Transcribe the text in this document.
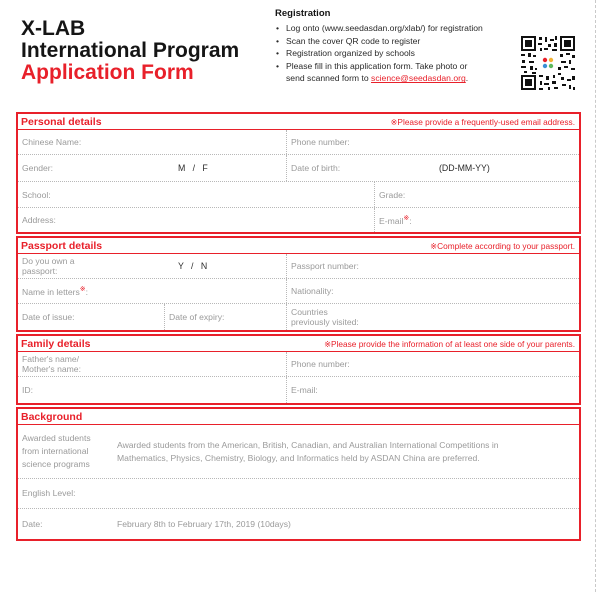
X-LAB
International Program
Application Form
Registration
• Log onto (www.seedasdan.org/xlab/) for registration
• Scan the cover QR code to register
• Registration organized by schools
• Please fill in this application form. Take photo or
send scanned form to science@seedasdan.org.
Personal details	※Please provide a frequently-used email address.
Chinese Name:	Phone number:
Gender:	M   /   F	Date of birth:	(DD-MM-YY)
School:	Grade:
Address:	E-mail※:
Passport details	※Complete according to your passport.
Do you own a
passport:	Y   /   N	Passport number:
Name in letters※:	Nationality:
Date of issue:	Date of expiry:	Countries
previously visited:
Family details	※Please provide the information of at least one side of your parents.
Father's name/
Mother's name:	Phone number:
ID:	E-mail:
Background
Awarded students
from international
science programs
Awarded students from the American, British, Canadian, and Australian International Competitions in
Mathematics, Physics, Chemistry, Biology, and Informatics held by ASDAN China are preferred.
English Level:
Date:	February 8th to February 17th, 2019 (10days)
